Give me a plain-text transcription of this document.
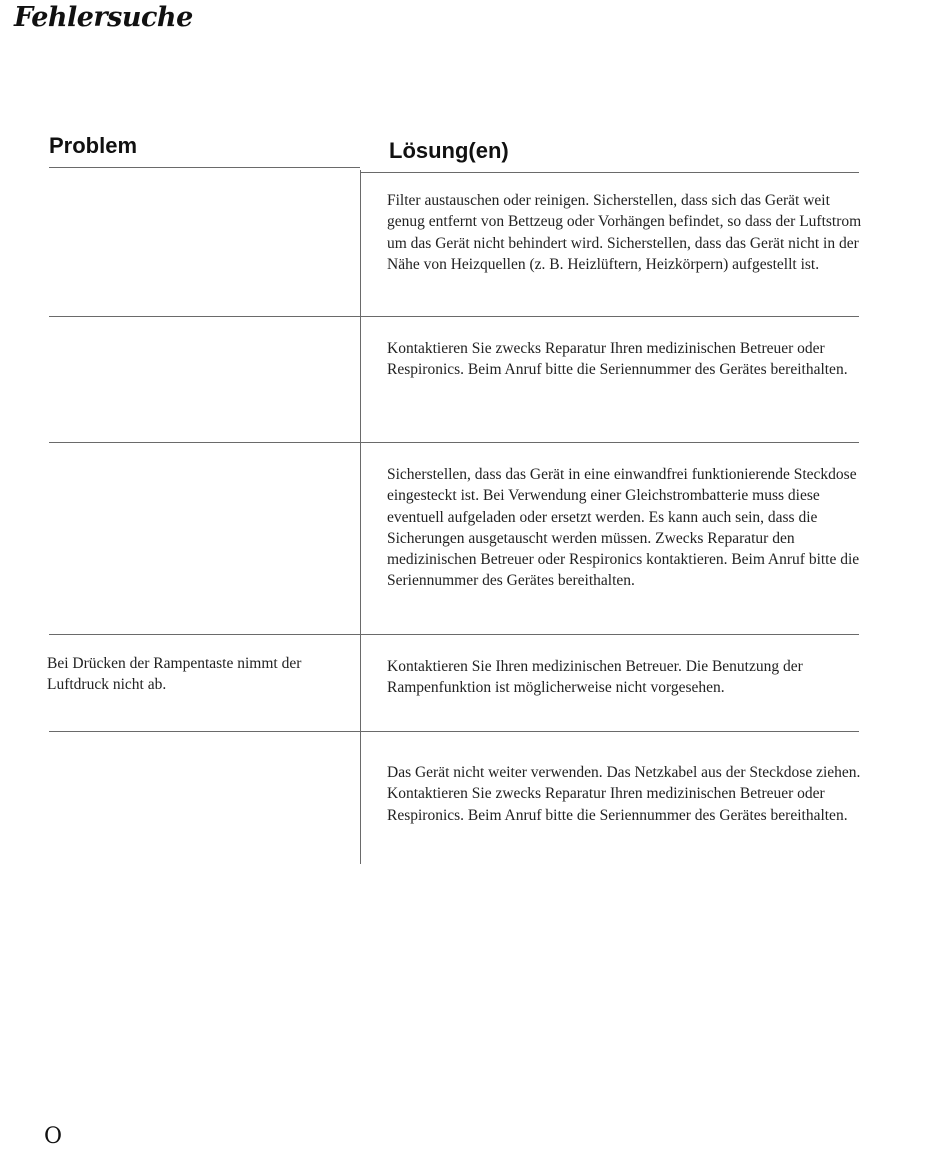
Fehlersuche
Problem	Lösung(en)
Filter austauschen oder reinigen. Sicherstellen, dass sich das Gerät weit genug entfernt von Bettzeug oder Vorhängen befindet, so dass der Luftstrom um das Gerät nicht behindert wird. Sicherstellen, dass das Gerät nicht in der Nähe von Heizquellen (z. B. Heizlüftern, Heizkörpern) aufgestellt ist.
Kontaktieren Sie zwecks Reparatur Ihren medizinischen Betreuer oder Respironics. Beim Anruf bitte die Seriennummer des Gerätes bereithalten.
Sicherstellen, dass das Gerät in eine einwandfrei funktionierende Steckdose eingesteckt ist. Bei Verwendung einer Gleichstrombatterie muss diese eventuell aufgeladen oder ersetzt werden. Es kann auch sein, dass die Sicherungen ausgetauscht werden müssen. Zwecks Reparatur den medizinischen Betreuer oder Respironics kontaktieren. Beim Anruf bitte die Seriennummer des Gerätes bereithalten.
Bei Drücken der Rampentaste nimmt der Luftdruck nicht ab.
Kontaktieren Sie Ihren medizinischen Betreuer. Die Benutzung der Rampenfunktion ist möglicherweise nicht vorgesehen.
Das Gerät nicht weiter verwenden. Das Netzkabel aus der Steckdose ziehen. Kontaktieren Sie zwecks Reparatur Ihren medizinischen Betreuer oder Respironics. Beim Anruf bitte die Seriennummer des Gerätes bereithalten.
O
